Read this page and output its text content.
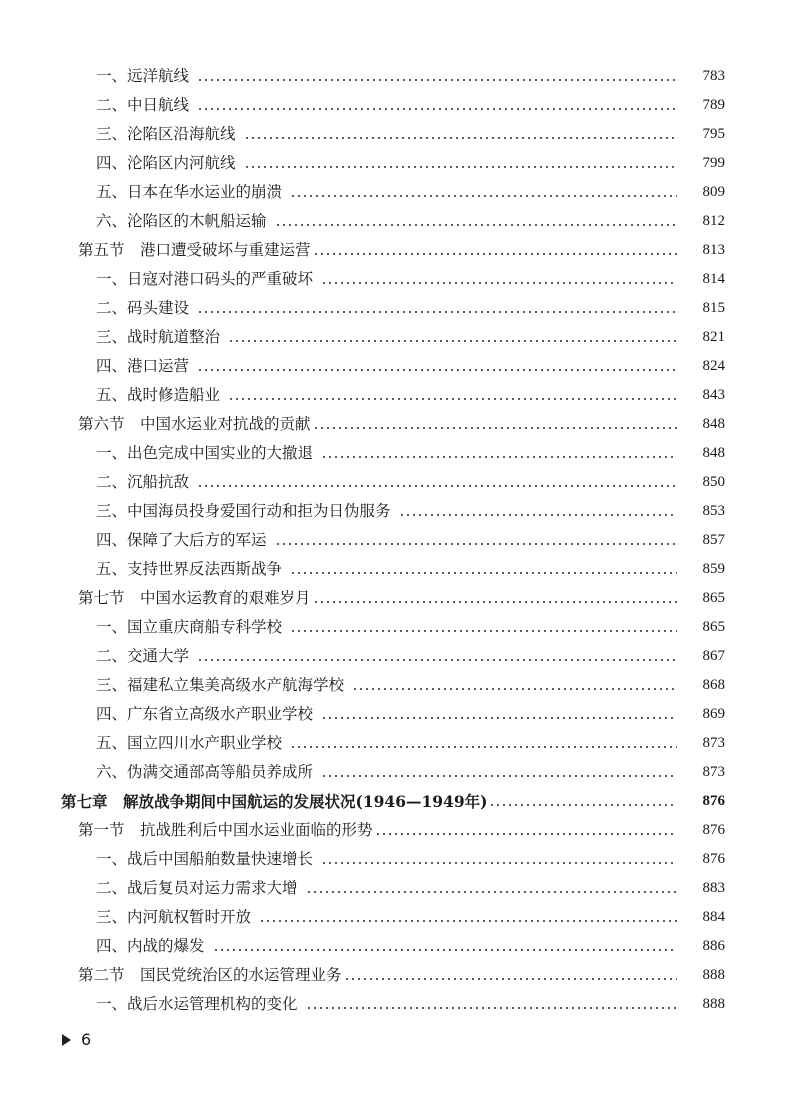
一、远洋航线	783
二、中日航线	789
三、沦陷区沿海航线	795
四、沦陷区内河航线	799
五、日本在华水运业的崩溃	809
六、沦陷区的木帆船运输	812
第五节　港口遭受破坏与重建运营	813
一、日寇对港口码头的严重破坏	814
二、码头建设	815
三、战时航道整治	821
四、港口运营	824
五、战时修造船业	843
第六节　中国水运业对抗战的贡献	848
一、出色完成中国实业的大撤退	848
二、沉船抗敌	850
三、中国海员投身爱国行动和拒为日伪服务	853
四、保障了大后方的军运	857
五、支持世界反法西斯战争	859
第七节　中国水运教育的艰难岁月	865
一、国立重庆商船专科学校	865
二、交通大学	867
三、福建私立集美高级水产航海学校	868
四、广东省立高级水产职业学校	869
五、国立四川水产职业学校	873
六、伪满交通部高等船员养成所	873
第七章　解放战争期间中国航运的发展状况(1946—1949年)	876
第一节　抗战胜利后中国水运业面临的形势	876
一、战后中国船舶数量快速增长	876
二、战后复员对运力需求大增	883
三、内河航权暂时开放	884
四、内战的爆发	886
第二节　国民党统治区的水运管理业务	888
一、战后水运管理机构的变化	888
6
